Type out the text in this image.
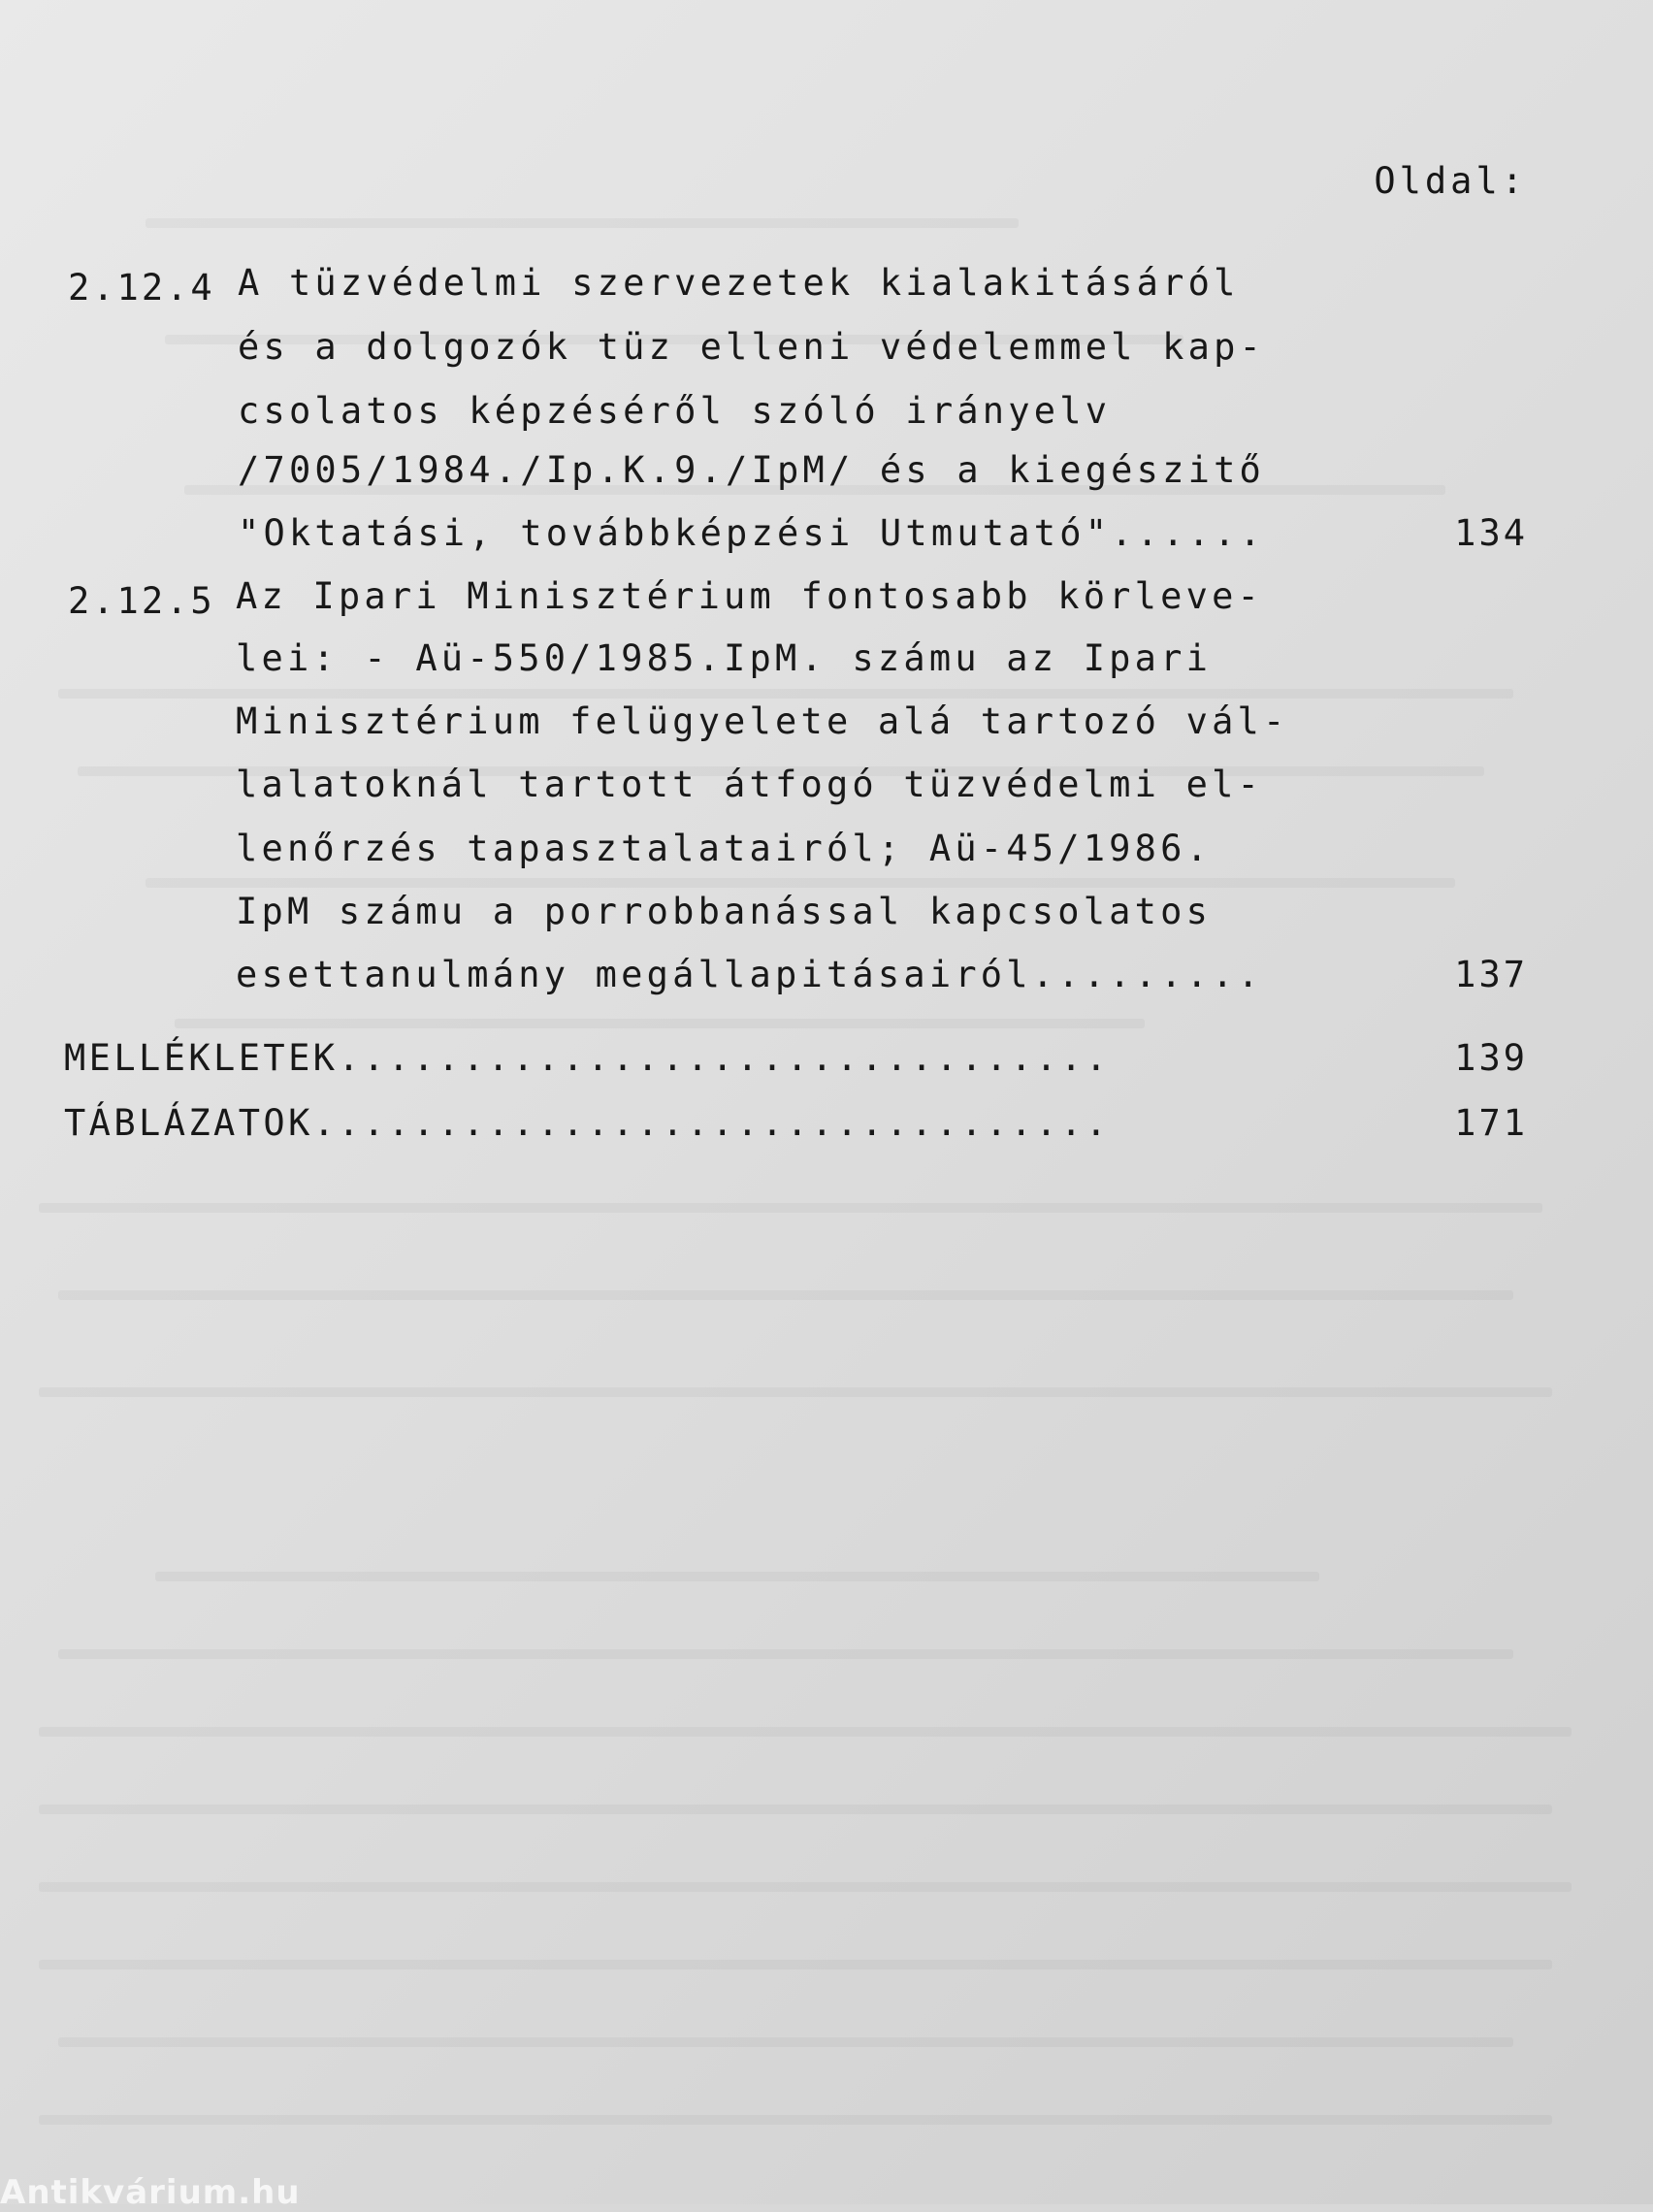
Oldal:
2.12.4 A tüzvédelmi szervezetek kialakitásáról
és a dolgozók tüz elleni védelemmel kap-
csolatos képzéséről szóló irányelv
/7005/1984./Ip.K.9./IpM/ és a kiegészitő
"Oktatási, továbbképzési Utmutató"......	134
2.12.5 Az Ipari Minisztérium fontosabb körleve-
lei: - Aü-550/1985.IpM. számu az Ipari
Minisztérium felügyelete alá tartozó vál-
lalatoknál tartott átfogó tüzvédelmi el-
lenőrzés tapasztalatairól; Aü-45/1986.
IpM számu a porrobbanással kapcsolatos
esettanulmány megállapitásairól.........	137
MELLÉKLETEK...............................	139
TÁBLÁZATOK................................	171
Antikvárium.hu
